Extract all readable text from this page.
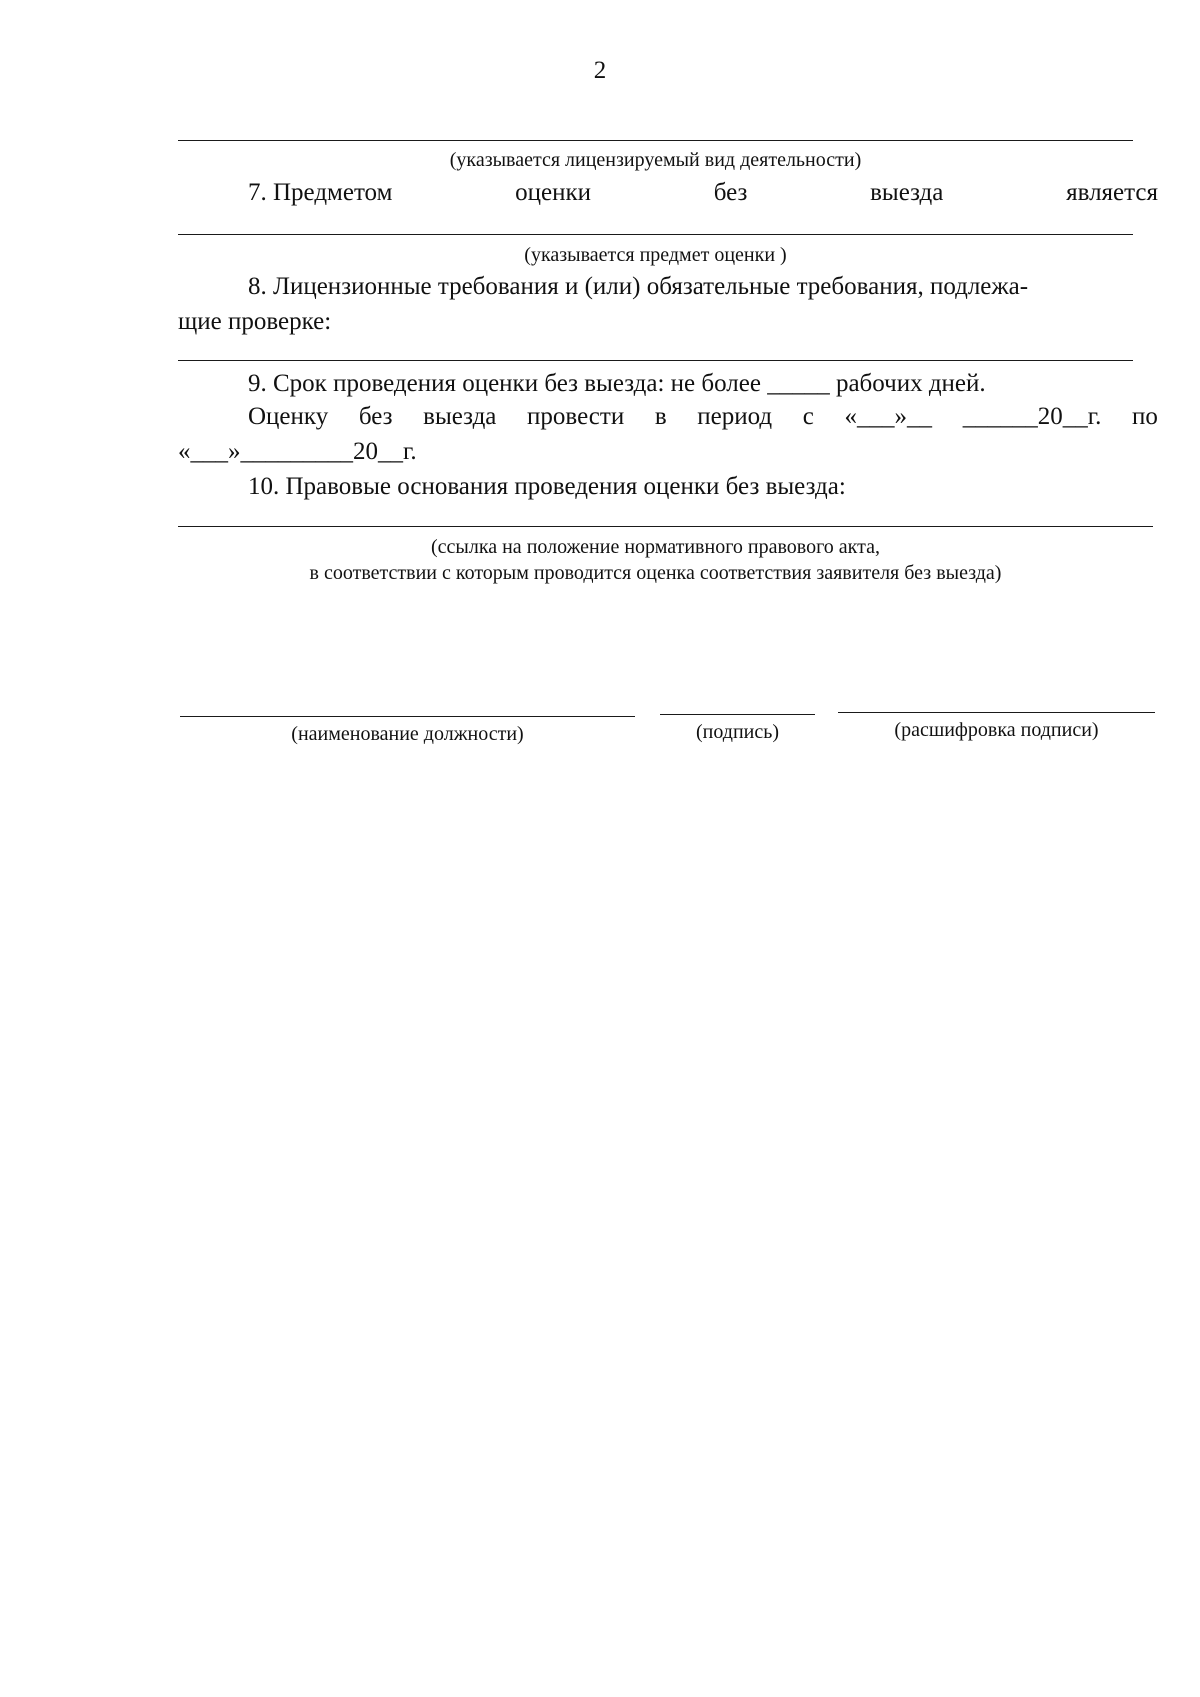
2
(указывается лицензируемый вид деятельности)
7. Предметом	оценки	без	выезда	является
(указывается предмет оценки )
8. Лицензионные требования и (или) обязательные требования, подлежа-
щие проверке:
9. Срок проведения оценки без выезда: не более _____ рабочих дней.
Оценку без выезда провести в период с «___»__ ______20__г. по
«___»_________20__г.
10. Правовые основания проведения оценки без выезда:
(ссылка на положение нормативного правового акта,
в соответствии с которым проводится оценка соответствия заявителя без выезда)
(наименование должности)	(подпись)	(расшифровка подписи)
